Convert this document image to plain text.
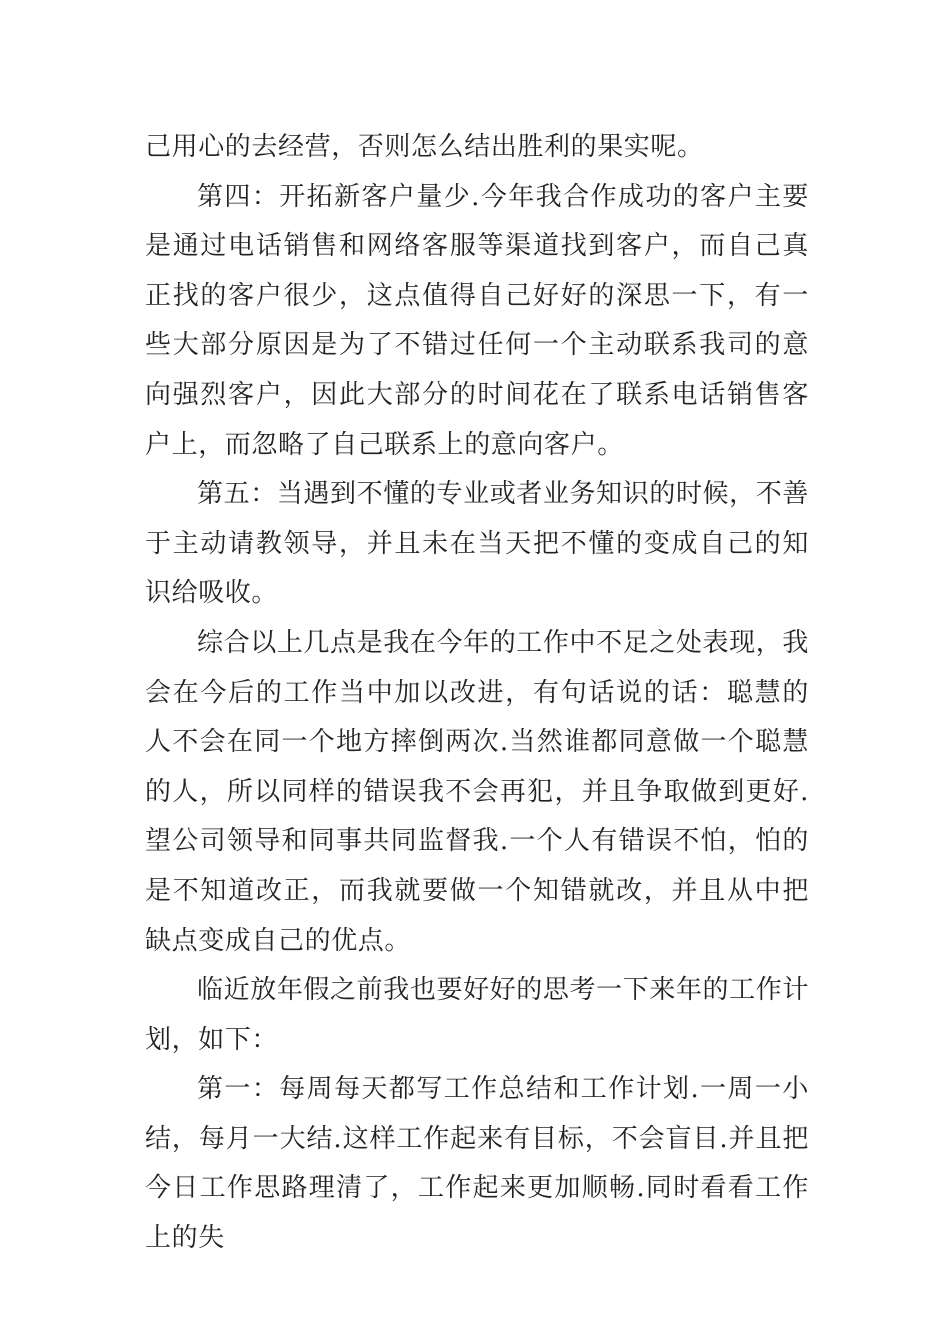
己用心的去经营，否则怎么结出胜利的果实呢。

第四：开拓新客户量少.今年我合作成功的客户主要是通过电话销售和网络客服等渠道找到客户，而自己真正找的客户很少，这点值得自己好好的深思一下，有一些大部分原因是为了不错过任何一个主动联系我司的意向强烈客户，因此大部分的时间花在了联系电话销售客户上，而忽略了自己联系上的意向客户。

第五：当遇到不懂的专业或者业务知识的时候，不善于主动请教领导，并且未在当天把不懂的变成自己的知识给吸收。

综合以上几点是我在今年的工作中不足之处表现，我会在今后的工作当中加以改进，有句话说的话：聪慧的人不会在同一个地方摔倒两次.当然谁都同意做一个聪慧的人，所以同样的错误我不会再犯，并且争取做到更好.望公司领导和同事共同监督我.一个人有错误不怕，怕的是不知道改正，而我就要做一个知错就改，并且从中把缺点变成自己的优点。

临近放年假之前我也要好好的思考一下来年的工作计划，如下：

第一：每周每天都写工作总结和工作计划.一周一小结，每月一大结.这样工作起来有目标，不会盲目.并且把今日工作思路理清了，工作起来更加顺畅.同时看看工作上的失
